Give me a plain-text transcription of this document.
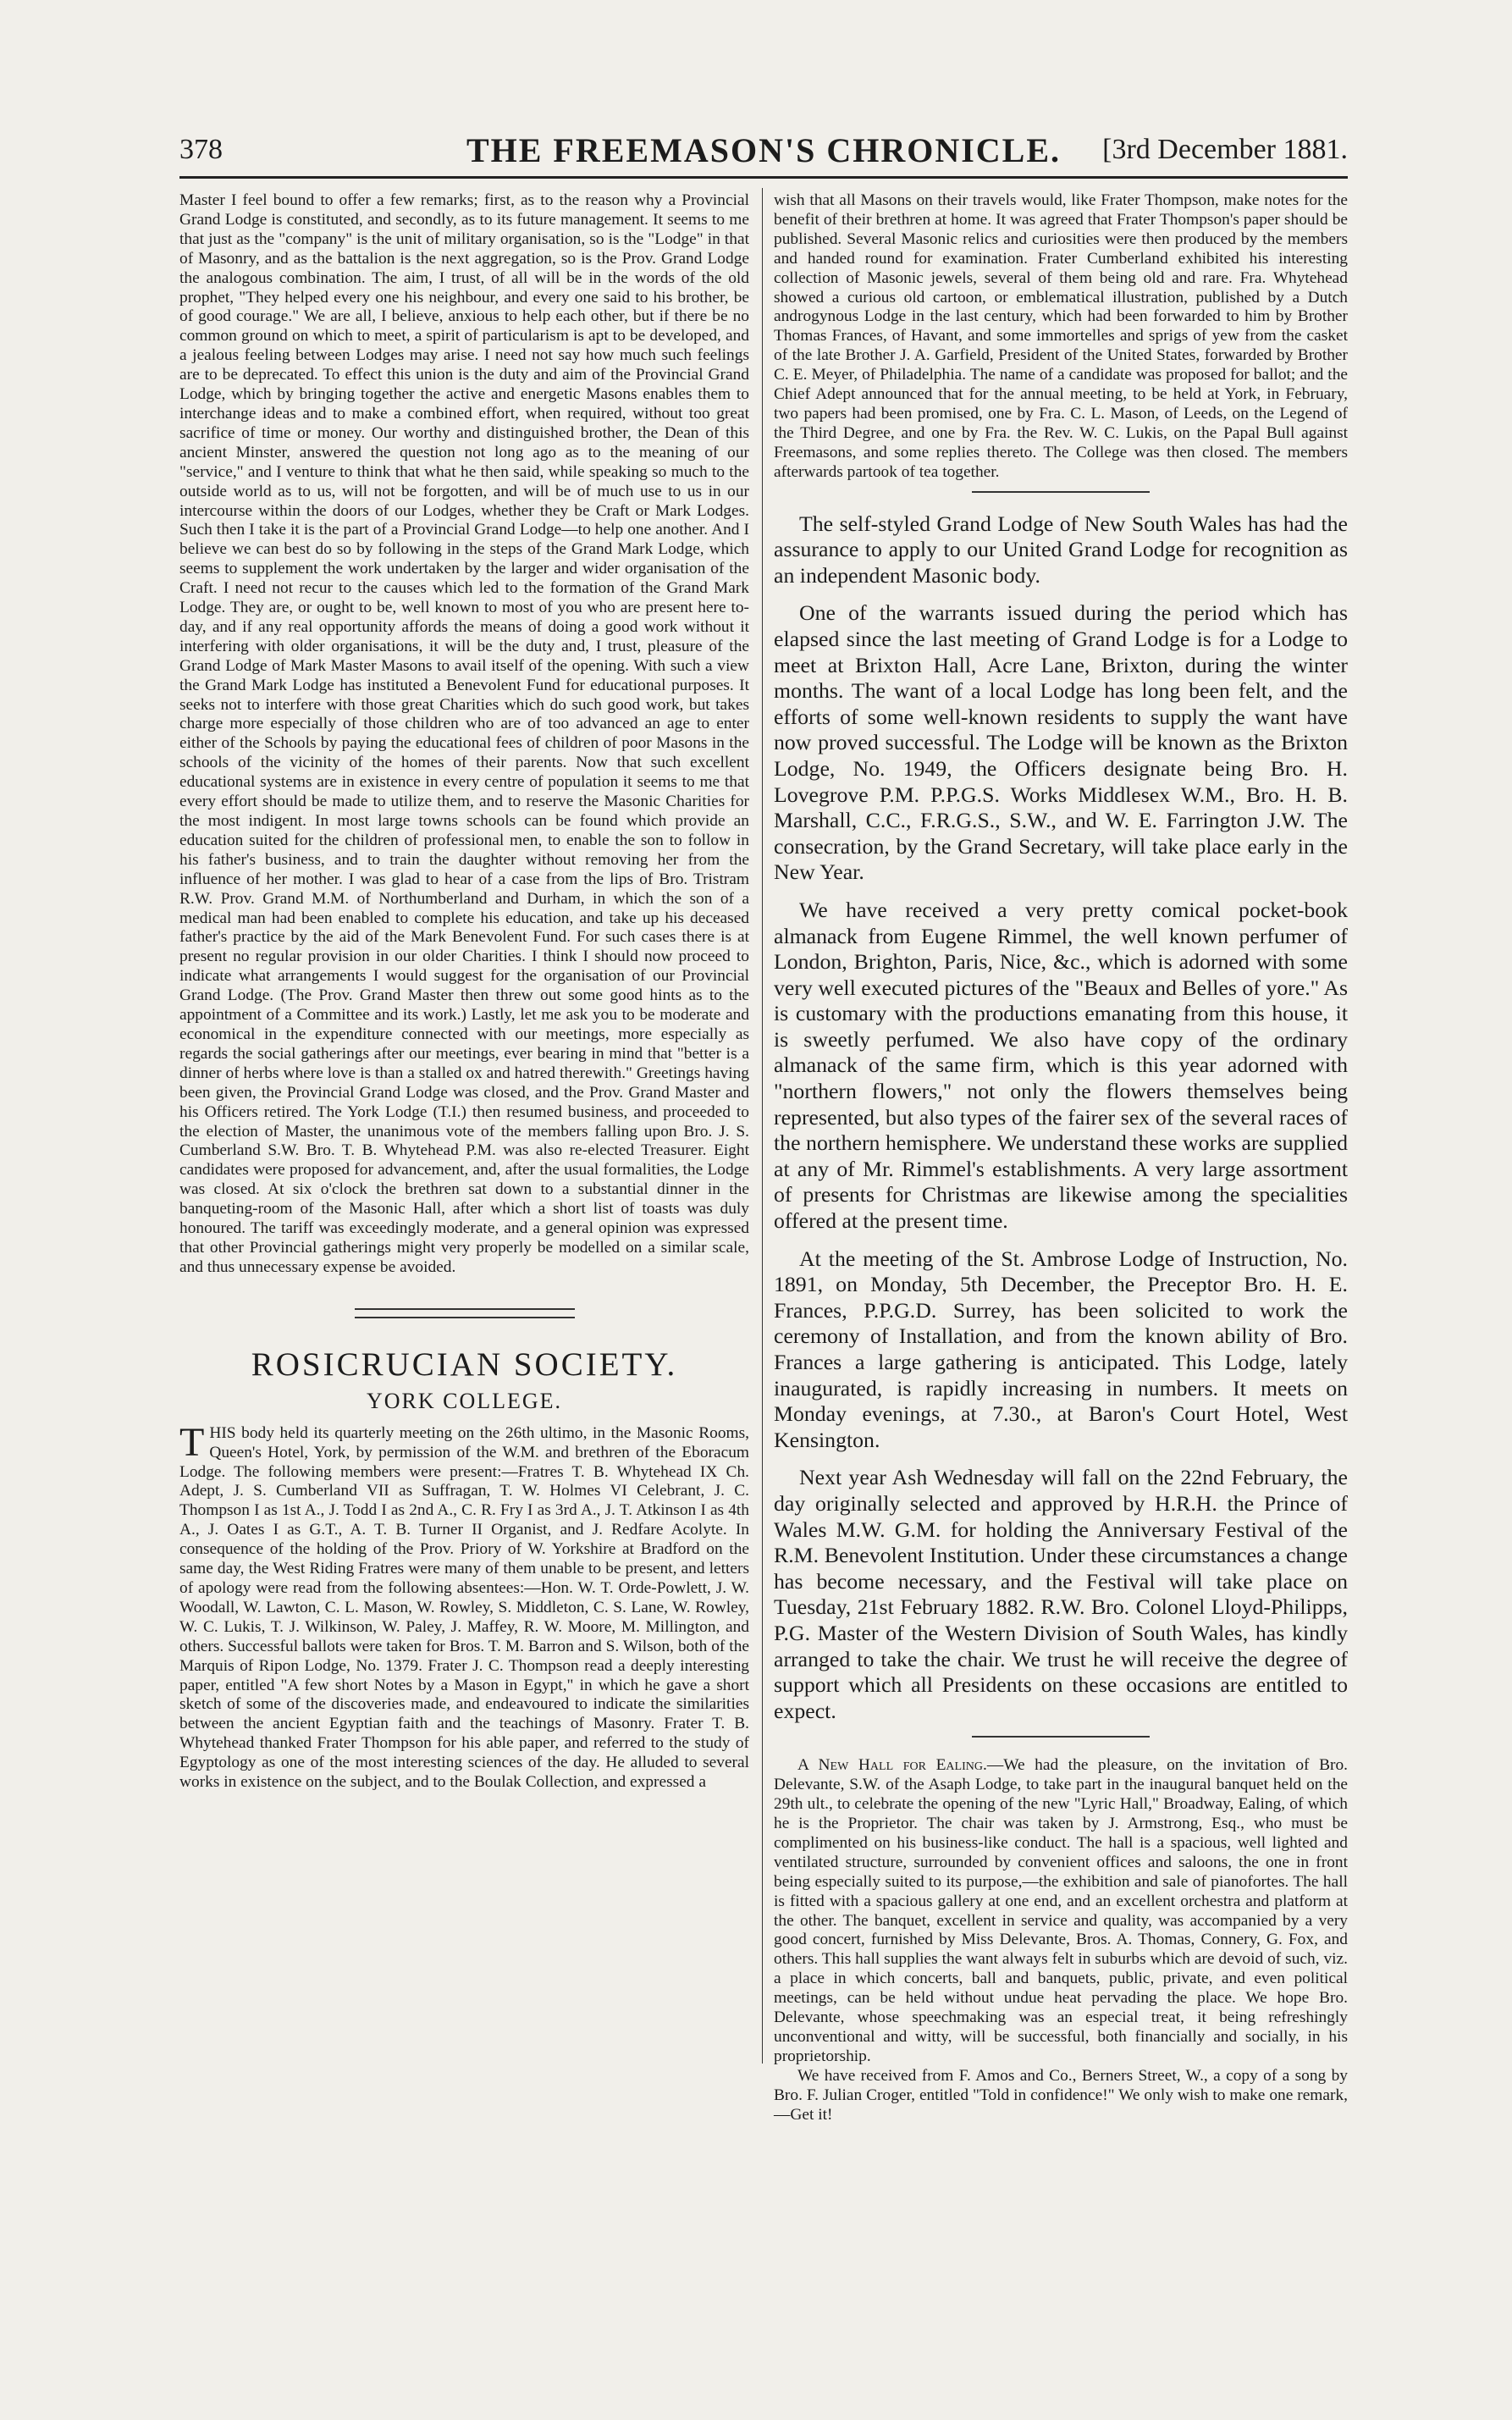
378	THE FREEMASON'S CHRONICLE.	[3rd December 1881.

Master I feel bound to offer a few remarks; first, as to the reason why a Provincial Grand Lodge is constituted, and secondly, as to its future management. It seems to me that just as the "company" is the unit of military organisation, so is the "Lodge" in that of Masonry, and as the battalion is the next aggregation, so is the Prov. Grand Lodge the analogous combination. The aim, I trust, of all will be in the words of the old prophet, "They helped every one his neighbour, and every one said to his brother, be of good courage." We are all, I believe, anxious to help each other, but if there be no common ground on which to meet, a spirit of particularism is apt to be developed, and a jealous feeling between Lodges may arise. I need not say how much such feelings are to be deprecated. To effect this union is the duty and aim of the Provincial Grand Lodge, which by bringing together the active and energetic Masons enables them to interchange ideas and to make a combined effort, when required, without too great sacrifice of time or money. Our worthy and distinguished brother, the Dean of this ancient Minster, answered the question not long ago as to the meaning of our "service," and I venture to think that what he then said, while speaking so much to the outside world as to us, will not be forgotten, and will be of much use to us in our intercourse within the doors of our Lodges, whether they be Craft or Mark Lodges. Such then I take it is the part of a Provincial Grand Lodge—to help one another. And I believe we can best do so by following in the steps of the Grand Mark Lodge, which seems to supplement the work undertaken by the larger and wider organisation of the Craft. I need not recur to the causes which led to the formation of the Grand Mark Lodge. They are, or ought to be, well known to most of you who are present here to-day, and if any real opportunity affords the means of doing a good work without it interfering with older organisations, it will be the duty and, I trust, pleasure of the Grand Lodge of Mark Master Masons to avail itself of the opening. With such a view the Grand Mark Lodge has instituted a Benevolent Fund for educational purposes. It seeks not to interfere with those great Charities which do such good work, but takes charge more especially of those children who are of too advanced an age to enter either of the Schools by paying the educational fees of children of poor Masons in the schools of the vicinity of the homes of their parents. Now that such excellent educational systems are in existence in every centre of population it seems to me that every effort should be made to utilize them, and to reserve the Masonic Charities for the most indigent. In most large towns schools can be found which provide an education suited for the children of professional men, to enable the son to follow in his father's business, and to train the daughter without removing her from the influence of her mother. I was glad to hear of a case from the lips of Bro. Tristram R.W. Prov. Grand M.M. of Northumberland and Durham, in which the son of a medical man had been enabled to complete his education, and take up his deceased father's practice by the aid of the Mark Benevolent Fund. For such cases there is at present no regular provision in our older Charities. I think I should now proceed to indicate what arrangements I would suggest for the organisation of our Provincial Grand Lodge. (The Prov. Grand Master then threw out some good hints as to the appointment of a Committee and its work.) Lastly, let me ask you to be moderate and economical in the expenditure connected with our meetings, more especially as regards the social gatherings after our meetings, ever bearing in mind that "better is a dinner of herbs where love is than a stalled ox and hatred therewith." Greetings having been given, the Provincial Grand Lodge was closed, and the Prov. Grand Master and his Officers retired. The York Lodge (T.I.) then resumed business, and proceeded to the election of Master, the unanimous vote of the members falling upon Bro. J. S. Cumberland S.W. Bro. T. B. Whytehead P.M. was also re-elected Treasurer. Eight candidates were proposed for advancement, and, after the usual formalities, the Lodge was closed. At six o'clock the brethren sat down to a substantial dinner in the banqueting-room of the Masonic Hall, after which a short list of toasts was duly honoured. The tariff was exceedingly moderate, and a general opinion was expressed that other Provincial gatherings might very properly be modelled on a similar scale, and thus unnecessary expense be avoided.

ROSICRUCIAN SOCIETY.
YORK COLLEGE.

THIS body held its quarterly meeting on the 26th ultimo, in the Masonic Rooms, Queen's Hotel, York, by permission of the W.M. and brethren of the Eboracum Lodge. The following members were present:—Fratres T. B. Whytehead IX Ch. Adept, J. S. Cumberland VII as Suffragan, T. W. Holmes VI Celebrant, J. C. Thompson I as 1st A., J. Todd I as 2nd A., C. R. Fry I as 3rd A., J. T. Atkinson I as 4th A., J. Oates I as G.T., A. T. B. Turner II Organist, and J. Redfare Acolyte. In consequence of the holding of the Prov. Priory of W. Yorkshire at Bradford on the same day, the West Riding Fratres were many of them unable to be present, and letters of apology were read from the following absentees:—Hon. W. T. Orde-Powlett, J. W. Woodall, W. Lawton, C. L. Mason, W. Rowley, S. Middleton, C. S. Lane, W. Rowley, W. C. Lukis, T. J. Wilkinson, W. Paley, J. Maffey, R. W. Moore, M. Millington, and others. Successful ballots were taken for Bros. T. M. Barron and S. Wilson, both of the Marquis of Ripon Lodge, No. 1379. Frater J. C. Thompson read a deeply interesting paper, entitled "A few short Notes by a Mason in Egypt," in which he gave a short sketch of some of the discoveries made, and endeavoured to indicate the similarities between the ancient Egyptian faith and the teachings of Masonry. Frater T. B. Whytehead thanked Frater Thompson for his able paper, and referred to the study of Egyptology as one of the most interesting sciences of the day. He alluded to several works in existence on the subject, and to the Boulak Collection, and expressed a

wish that all Masons on their travels would, like Frater Thompson, make notes for the benefit of their brethren at home. It was agreed that Frater Thompson's paper should be published. Several Masonic relics and curiosities were then produced by the members and handed round for examination. Frater Cumberland exhibited his interesting collection of Masonic jewels, several of them being old and rare. Fra. Whytehead showed a curious old cartoon, or emblematical illustration, published by a Dutch androgynous Lodge in the last century, which had been forwarded to him by Brother Thomas Frances, of Havant, and some immortelles and sprigs of yew from the casket of the late Brother J. A. Garfield, President of the United States, forwarded by Brother C. E. Meyer, of Philadelphia. The name of a candidate was proposed for ballot; and the Chief Adept announced that for the annual meeting, to be held at York, in February, two papers had been promised, one by Fra. C. L. Mason, of Leeds, on the Legend of the Third Degree, and one by Fra. the Rev. W. C. Lukis, on the Papal Bull against Freemasons, and some replies thereto. The College was then closed. The members afterwards partook of tea together.

The self-styled Grand Lodge of New South Wales has had the assurance to apply to our United Grand Lodge for recognition as an independent Masonic body.

One of the warrants issued during the period which has elapsed since the last meeting of Grand Lodge is for a Lodge to meet at Brixton Hall, Acre Lane, Brixton, during the winter months. The want of a local Lodge has long been felt, and the efforts of some well-known residents to supply the want have now proved successful. The Lodge will be known as the Brixton Lodge, No. 1949, the Officers designate being Bro. H. Lovegrove P.M. P.P.G.S. Works Middlesex W.M., Bro. H. B. Marshall, C.C., F.R.G.S., S.W., and W. E. Farrington J.W. The consecration, by the Grand Secretary, will take place early in the New Year.

We have received a very pretty comical pocket-book almanack from Eugene Rimmel, the well known perfumer of London, Brighton, Paris, Nice, &c., which is adorned with some very well executed pictures of the "Beaux and Belles of yore." As is customary with the productions emanating from this house, it is sweetly perfumed. We also have copy of the ordinary almanack of the same firm, which is this year adorned with "northern flowers," not only the flowers themselves being represented, but also types of the fairer sex of the several races of the northern hemisphere. We understand these works are supplied at any of Mr. Rimmel's establishments. A very large assortment of presents for Christmas are likewise among the specialities offered at the present time.

At the meeting of the St. Ambrose Lodge of Instruction, No. 1891, on Monday, 5th December, the Preceptor Bro. H. E. Frances, P.P.G.D. Surrey, has been solicited to work the ceremony of Installation, and from the known ability of Bro. Frances a large gathering is anticipated. This Lodge, lately inaugurated, is rapidly increasing in numbers. It meets on Monday evenings, at 7.30., at Baron's Court Hotel, West Kensington.

Next year Ash Wednesday will fall on the 22nd February, the day originally selected and approved by H.R.H. the Prince of Wales M.W. G.M. for holding the Anniversary Festival of the R.M. Benevolent Institution. Under these circumstances a change has become necessary, and the Festival will take place on Tuesday, 21st February 1882. R.W. Bro. Colonel Lloyd-Philipps, P.G. Master of the Western Division of South Wales, has kindly arranged to take the chair. We trust he will receive the degree of support which all Presidents on these occasions are entitled to expect.

A New Hall for Ealing.—We had the pleasure, on the invitation of Bro. Delevante, S.W. of the Asaph Lodge, to take part in the inaugural banquet held on the 29th ult., to celebrate the opening of the new "Lyric Hall," Broadway, Ealing, of which he is the Proprietor. The chair was taken by J. Armstrong, Esq., who must be complimented on his business-like conduct. The hall is a spacious, well lighted and ventilated structure, surrounded by convenient offices and saloons, the one in front being especially suited to its purpose,—the exhibition and sale of pianofortes. The hall is fitted with a spacious gallery at one end, and an excellent orchestra and platform at the other. The banquet, excellent in service and quality, was accompanied by a very good concert, furnished by Miss Delevante, Bros. A. Thomas, Connery, G. Fox, and others. This hall supplies the want always felt in suburbs which are devoid of such, viz. a place in which concerts, ball and banquets, public, private, and even political meetings, can be held without undue heat pervading the place. We hope Bro. Delevante, whose speechmaking was an especial treat, it being refreshingly unconventional and witty, will be successful, both financially and socially, in his proprietorship.

We have received from F. Amos and Co., Berners Street, W., a copy of a song by Bro. F. Julian Croger, entitled "Told in confidence!" We only wish to make one remark,—Get it!
